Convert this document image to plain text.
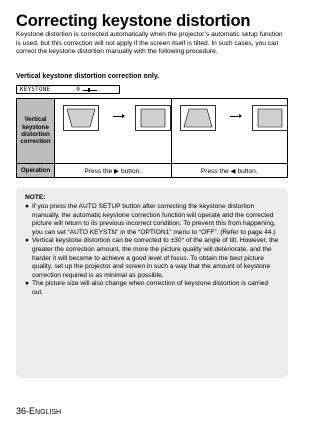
Correcting keystone distortion

Keystone distortion is corrected automatically when the projector’s automatic setup function is used, but this correction will not apply if the screen itself is tilted. In such cases, you can correct the keystone distortion manually with the following procedure.

Vertical keystone distortion correction only.

KEYSTONE	0
Vertical keystone distortion correction	

Operation	Press the ▶ button.	Press the ◀ button.

NOTE:

● If you press the AUTO SETUP button after correcting the keystone distortion manually, the automatic keystone correction function will operate and the corrected picture will return to its previous incorrect condition. To prevent this from happening, you can set “AUTO KEYSTN” in the “OPTION1” menu to “OFF”. (Refer to page 44.)
● Vertical keystone distortion can be corrected to ±30° of the angle of tilt. However, the greater the correction amount, the more the picture quality will deteriorate, and the harder it will become to achieve a good level of focus. To obtain the best picture quality, set up the projector and screen in such a way that the amount of keystone correction required is as minimal as possible.
● The picture size will also change when correction of keystone distortion is carried out.

36-ENGLISH
